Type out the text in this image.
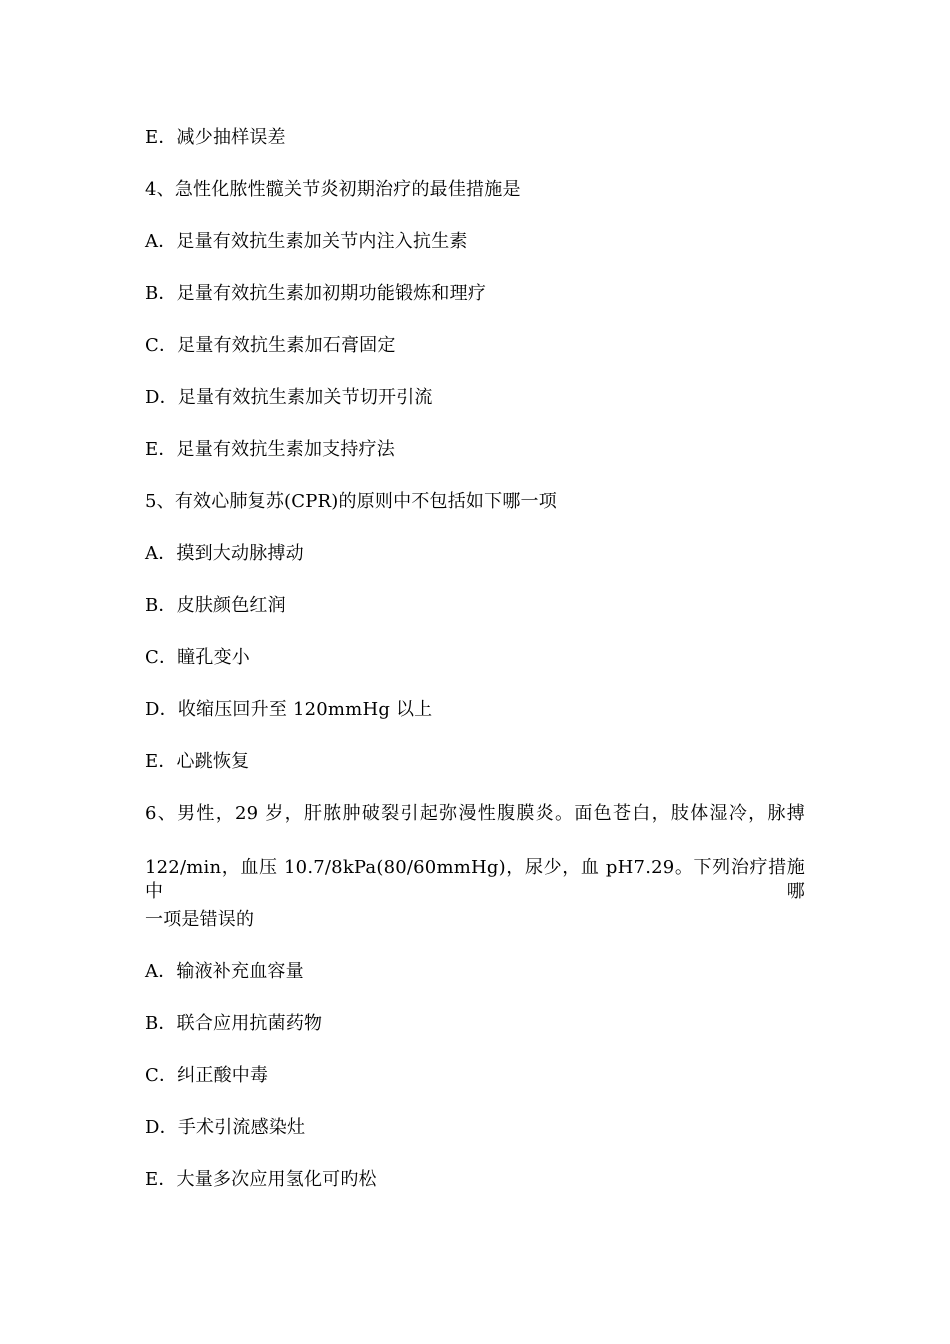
E．减少抽样误差
4、急性化脓性髋关节炎初期治疗的最佳措施是
A．足量有效抗生素加关节内注入抗生素
B．足量有效抗生素加初期功能锻炼和理疗
C．足量有效抗生素加石膏固定
D．足量有效抗生素加关节切开引流
E．足量有效抗生素加支持疗法
5、有效心肺复苏(CPR)的原则中不包括如下哪一项
A．摸到大动脉搏动
B．皮肤颜色红润
C．瞳孔变小
D．收缩压回升至 120mmHg 以上
E．心跳恢复
6、男性，29 岁，肝脓肿破裂引起弥漫性腹膜炎。面色苍白，肢体湿冷，脉搏
122/min，血压 10.7/8kPa(80/60mmHg)，尿少，血 pH7.29。下列治疗措施中哪
一项是错误的
A．输液补充血容量
B．联合应用抗菌药物
C．纠正酸中毒
D．手术引流感染灶
E．大量多次应用氢化可旳松
